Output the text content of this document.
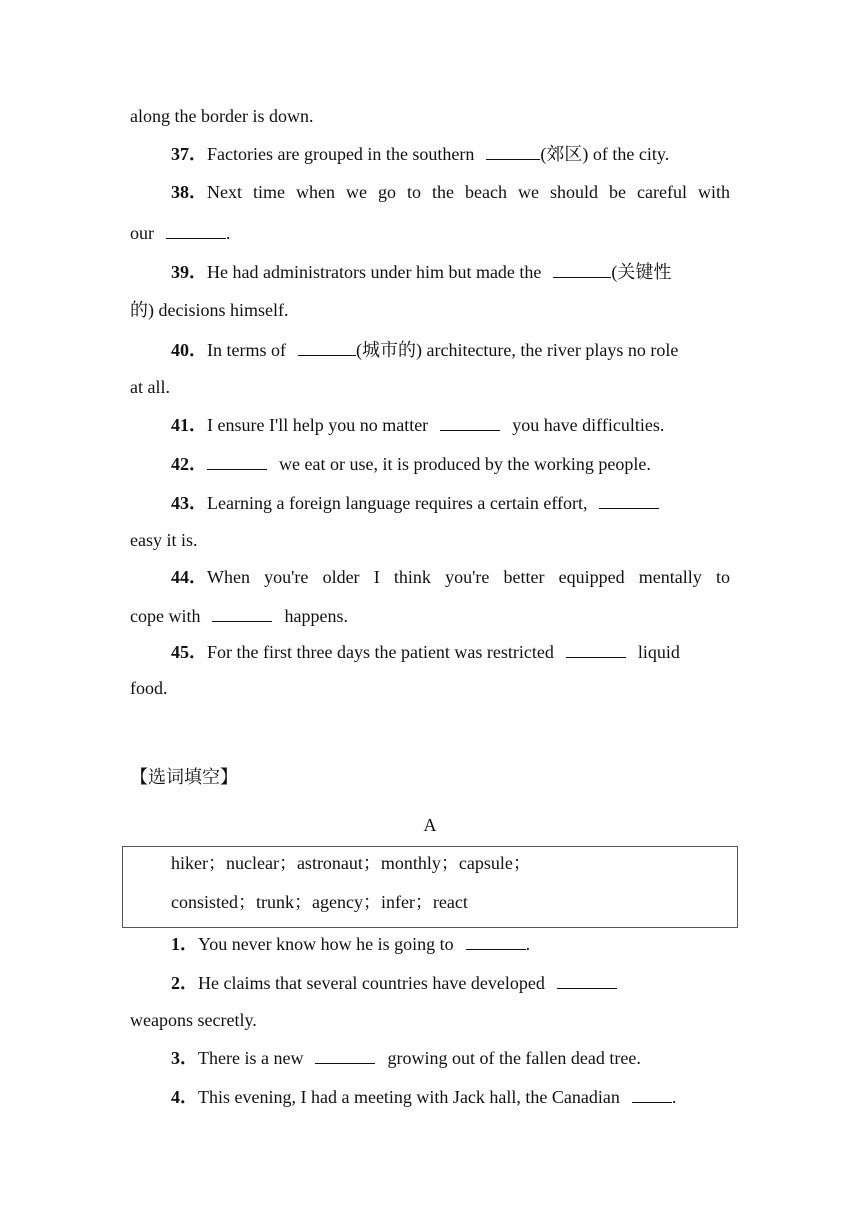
along the border is down.
37．Factories are grouped in the southern	(郊区) of the city.
38．Next time when we go to the beach we should be careful with
our	.
39．He had administrators under him but made the	(关键性
的) decisions himself.
40．In terms of	(城市的) architecture, the river plays no role
at all.
41．I ensure I'll help you no matter	you have difficulties.
42．	we eat or use, it is produced by the working people.
43．Learning a foreign language requires a certain effort,
easy it is.
44．When you're older I think you're better equipped mentally to
cope with	happens.
45．For the first three days the patient was restricted	liquid
food.
【选词填空】
A
hiker；nuclear；astronaut；monthly；capsule；
consisted；trunk；agency；infer；react
1．You never know how he is going to	.
2．He claims that several countries have developed
weapons secretly.
3．There is a new	growing out of the fallen dead tree.
4．This evening, I had a meeting with Jack hall, the Canadian	.
